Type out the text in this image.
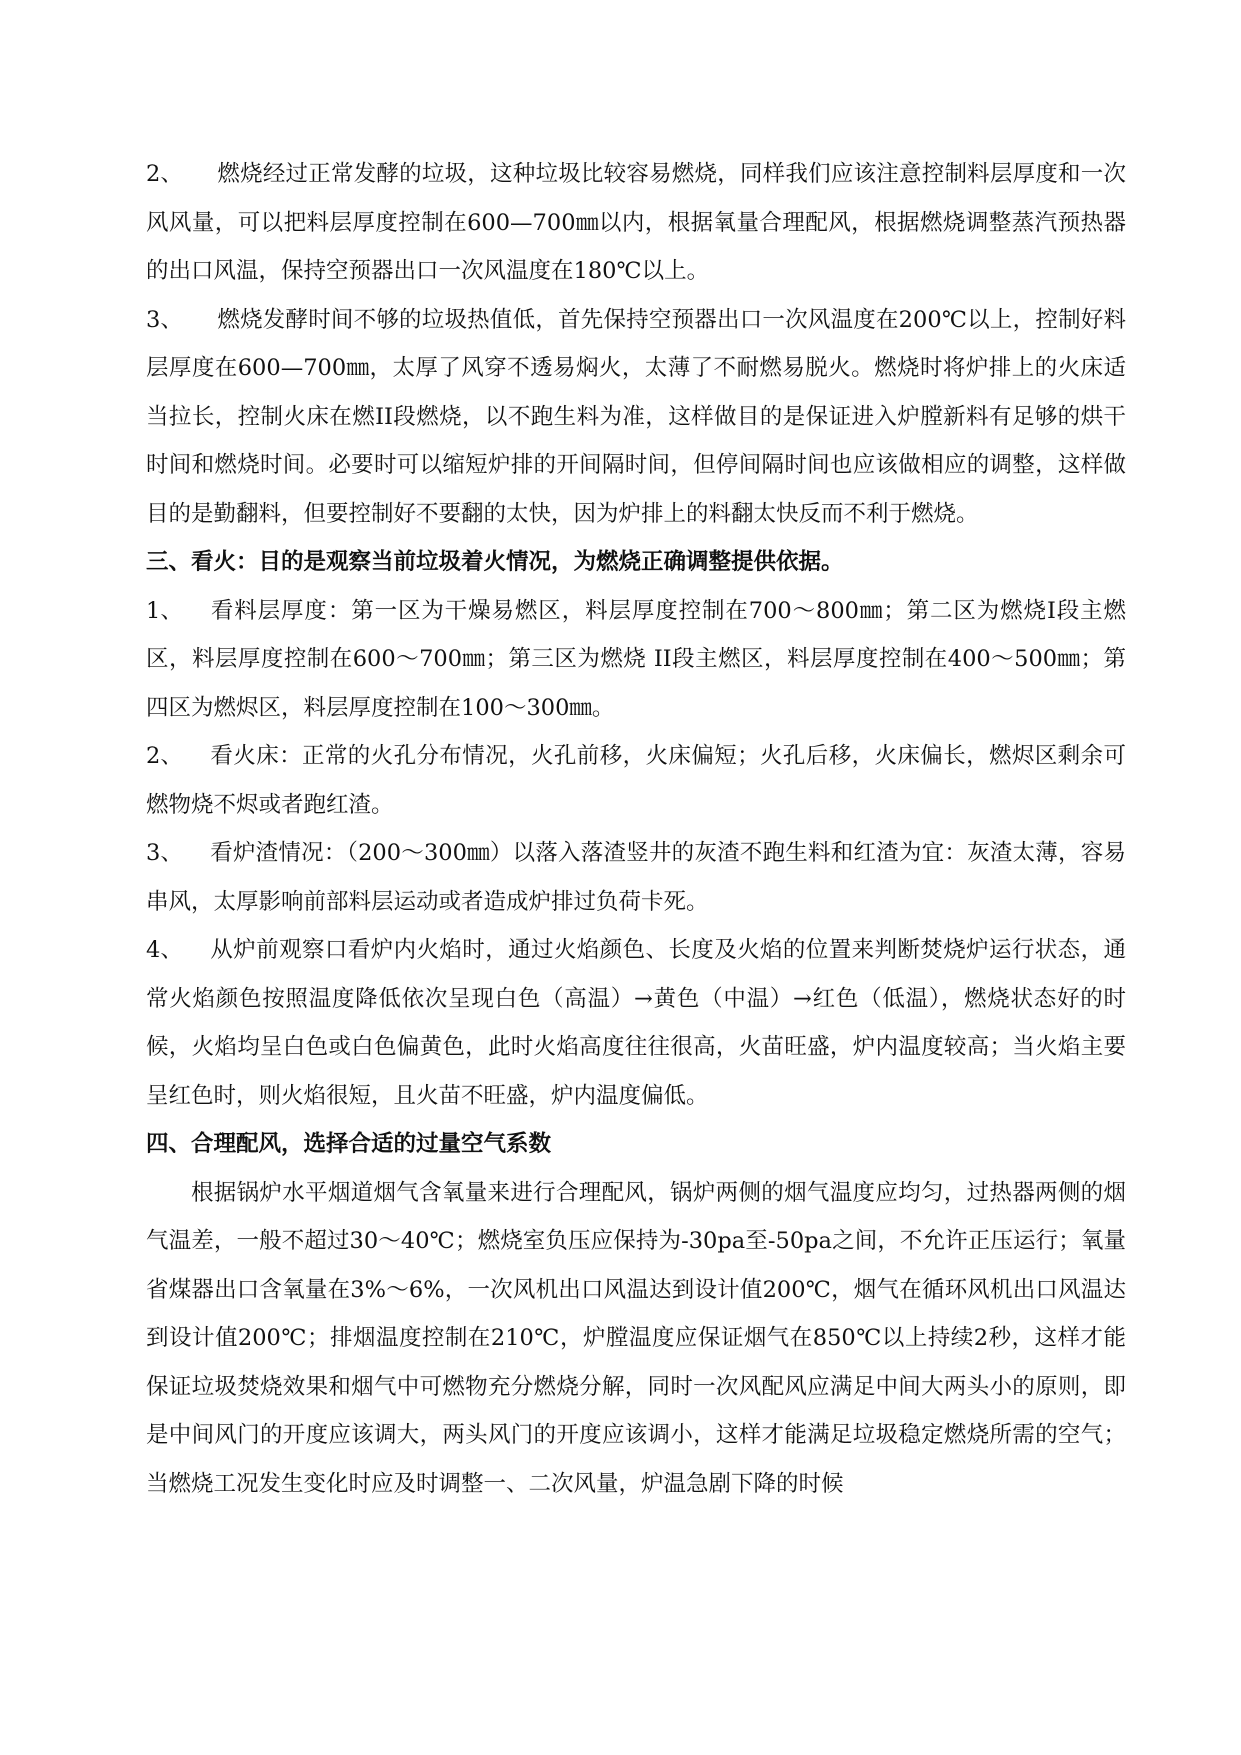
2、 燃烧经过正常发酵的垃圾，这种垃圾比较容易燃烧，同样我们应该注意控制料层厚度和一次风风量，可以把料层厚度控制在600—700㎜以内，根据氧量合理配风，根据燃烧调整蒸汽预热器的出口风温，保持空预器出口一次风温度在180℃以上。

3、 燃烧发酵时间不够的垃圾热值低，首先保持空预器出口一次风温度在200℃以上，控制好料层厚度在600—700㎜，太厚了风穿不透易焖火，太薄了不耐燃易脱火。燃烧时将炉排上的火床适当拉长，控制火床在燃II段燃烧，以不跑生料为准，这样做目的是保证进入炉膛新料有足够的烘干时间和燃烧时间。必要时可以缩短炉排的开间隔时间，但停间隔时间也应该做相应的调整，这样做目的是勤翻料，但要控制好不要翻的太快，因为炉排上的料翻太快反而不利于燃烧。

三、看火：目的是观察当前垃圾着火情况，为燃烧正确调整提供依据。

1、 看料层厚度：第一区为干燥易燃区，料层厚度控制在700～800㎜；第二区为燃烧I段主燃区，料层厚度控制在600～700㎜；第三区为燃烧 II段主燃区，料层厚度控制在400～500㎜；第四区为燃烬区，料层厚度控制在100～300㎜。

2、 看火床：正常的火孔分布情况，火孔前移，火床偏短；火孔后移，火床偏长，燃烬区剩余可燃物烧不烬或者跑红渣。

3、 看炉渣情况：（200～300㎜）以落入落渣竖井的灰渣不跑生料和红渣为宜：灰渣太薄，容易串风，太厚影响前部料层运动或者造成炉排过负荷卡死。

4、 从炉前观察口看炉内火焰时，通过火焰颜色、长度及火焰的位置来判断焚烧炉运行状态，通常火焰颜色按照温度降低依次呈现白色（高温）→黄色（中温）→红色（低温），燃烧状态好的时候，火焰均呈白色或白色偏黄色，此时火焰高度往往很高，火苗旺盛，炉内温度较高；当火焰主要呈红色时，则火焰很短，且火苗不旺盛，炉内温度偏低。

四、合理配风，选择合适的过量空气系数

根据锅炉水平烟道烟气含氧量来进行合理配风，锅炉两侧的烟气温度应均匀，过热器两侧的烟气温差，一般不超过30～40℃；燃烧室负压应保持为-30pa至-50pa之间，不允许正压运行；氧量省煤器出口含氧量在3%～6%，一次风机出口风温达到设计值200℃，烟气在循环风机出口风温达到设计值200℃；排烟温度控制在210℃，炉膛温度应保证烟气在850℃以上持续2秒，这样才能保证垃圾焚烧效果和烟气中可燃物充分燃烧分解，同时一次风配风应满足中间大两头小的原则，即是中间风门的开度应该调大，两头风门的开度应该调小，这样才能满足垃圾稳定燃烧所需的空气；当燃烧工况发生变化时应及时调整一、二次风量，炉温急剧下降的时候
